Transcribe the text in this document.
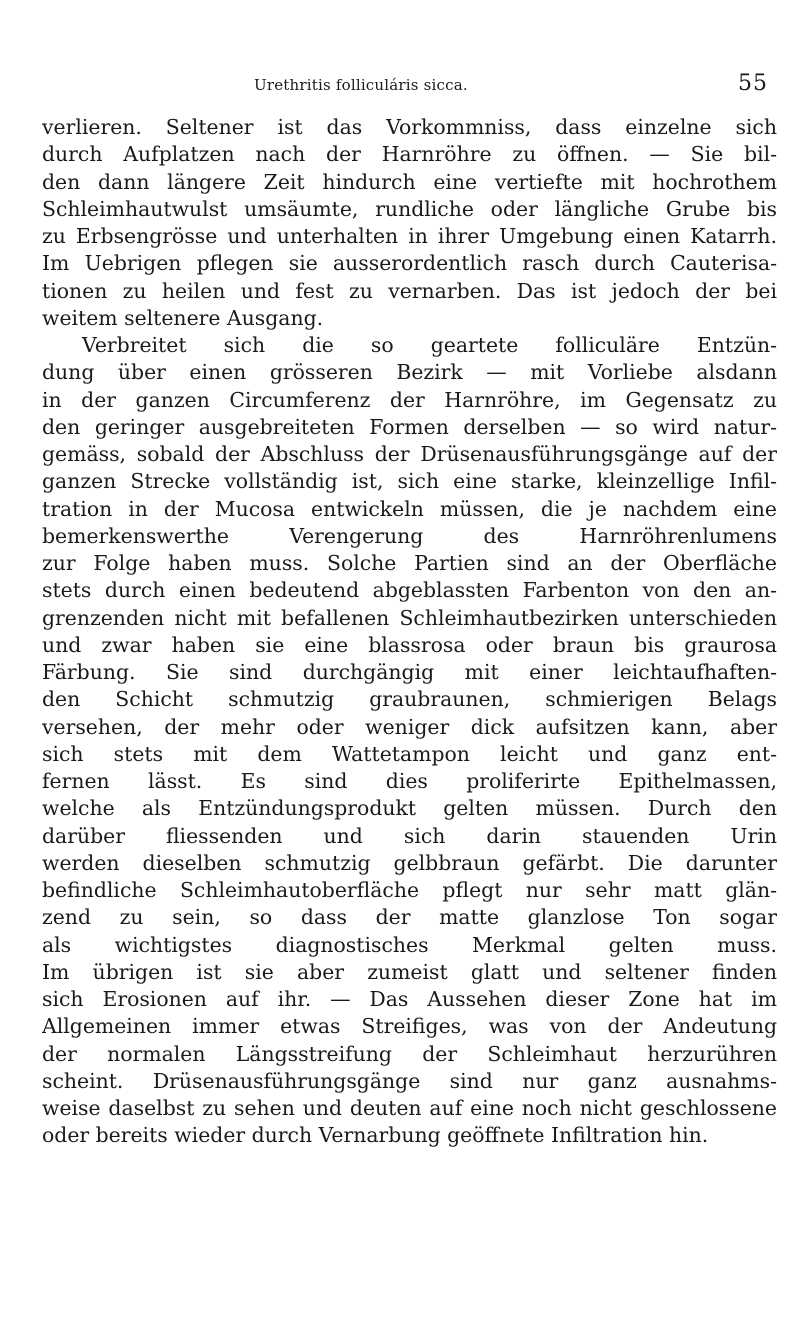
Urethritis folliculáris sicca.	55
verlieren. Seltener ist das Vorkommniss, dass einzelne sich
durch Aufplatzen nach der Harnröhre zu öffnen. — Sie bil-
den dann längere Zeit hindurch eine vertiefte mit hochrothem
Schleimhautwulst umsäumte, rundliche oder längliche Grube bis
zu Erbsengrösse und unterhalten in ihrer Umgebung einen Katarrh.
Im Uebrigen pflegen sie ausserordentlich rasch durch Cauterisa-
tionen zu heilen und fest zu vernarben. Das ist jedoch der bei
weitem seltenere Ausgang.
Verbreitet sich die so geartete folliculäre Entzün-
dung über einen grösseren Bezirk — mit Vorliebe alsdann
in der ganzen Circumferenz der Harnröhre, im Gegensatz zu
den geringer ausgebreiteten Formen derselben — so wird natur-
gemäss, sobald der Abschluss der Drüsenausführungsgänge auf der
ganzen Strecke vollständig ist, sich eine starke, kleinzellige Infil-
tration in der Mucosa entwickeln müssen, die je nachdem eine
bemerkenswerthe Verengerung des Harnröhrenlumens
zur Folge haben muss. Solche Partien sind an der Oberfläche
stets durch einen bedeutend abgeblassten Farbenton von den an-
grenzenden nicht mit befallenen Schleimhautbezirken unterschieden
und zwar haben sie eine blassrosa oder braun bis graurosa
Färbung. Sie sind durchgängig mit einer leichtaufhaften-
den Schicht schmutzig graubraunen, schmierigen Belags
versehen, der mehr oder weniger dick aufsitzen kann, aber
sich stets mit dem Wattetampon leicht und ganz ent-
fernen lässt. Es sind dies proliferirte Epithelmassen,
welche als Entzündungsprodukt gelten müssen. Durch den
darüber fliessenden und sich darin stauenden Urin
werden dieselben schmutzig gelbbraun gefärbt. Die darunter
befindliche Schleimhautoberfläche pflegt nur sehr matt glän-
zend zu sein, so dass der matte glanzlose Ton sogar
als wichtigstes diagnostisches Merkmal gelten muss.
Im übrigen ist sie aber zumeist glatt und seltener finden
sich Erosionen auf ihr. — Das Aussehen dieser Zone hat im
Allgemeinen immer etwas Streifiges, was von der Andeutung
der normalen Längsstreifung der Schleimhaut herzurühren
scheint. Drüsenausführungsgänge sind nur ganz ausnahms-
weise daselbst zu sehen und deuten auf eine noch nicht geschlossene
oder bereits wieder durch Vernarbung geöffnete Infiltration hin.
